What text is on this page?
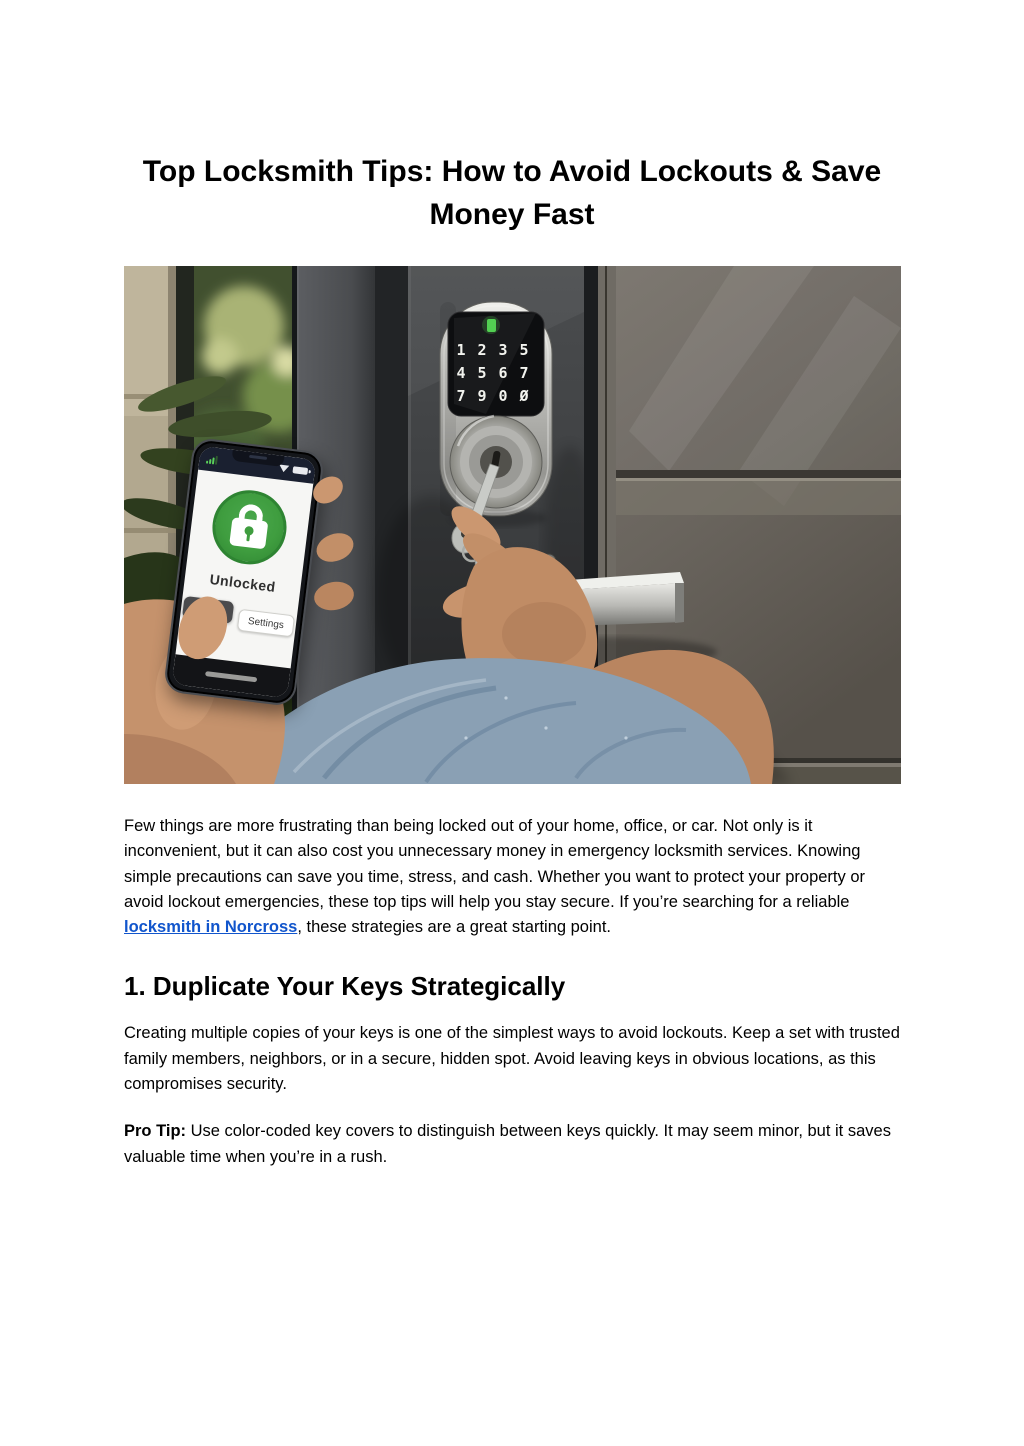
Top Locksmith Tips: How to Avoid Lockouts & Save Money Fast
1 2 3 5
4 5 6 7
7 9 0 Ø
Unlocked
Settings

Few things are more frustrating than being locked out of your home, office, or car. Not only is it inconvenient, but it can also cost you unnecessary money in emergency locksmith services. Knowing simple precautions can save you time, stress, and cash. Whether you want to protect your property or avoid lockout emergencies, these top tips will help you stay secure. If you’re searching for a reliable locksmith in Norcross, these strategies are a great starting point.

1. Duplicate Your Keys Strategically

Creating multiple copies of your keys is one of the simplest ways to avoid lockouts. Keep a set with trusted family members, neighbors, or in a secure, hidden spot. Avoid leaving keys in obvious locations, as this compromises security.

Pro Tip: Use color-coded key covers to distinguish between keys quickly. It may seem minor, but it saves valuable time when you’re in a rush.
